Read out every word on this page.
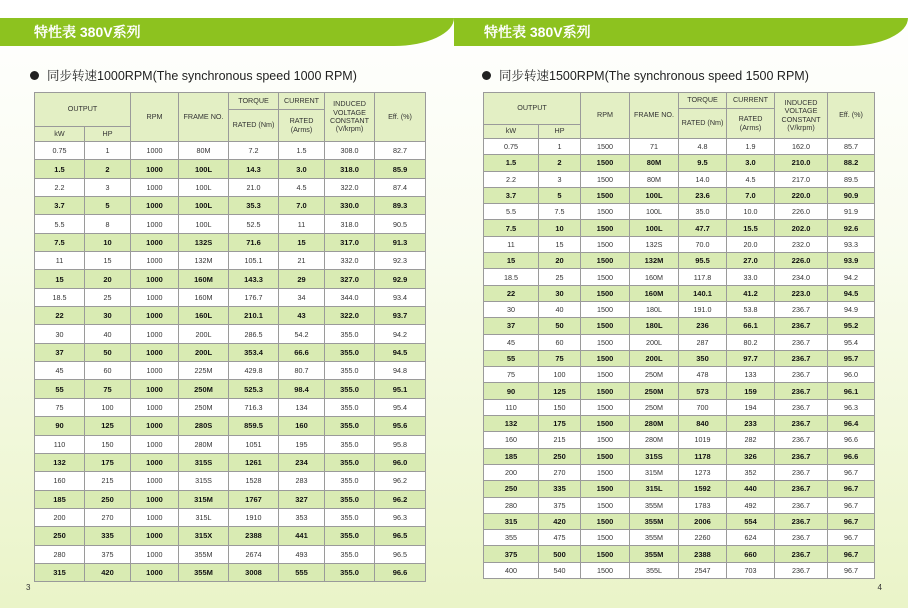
特性表 380V系列
同步转速1000RPM(The synchronous speed 1000 RPM)
OUTPUT		RPM	FRAME NO.	TORQUE	CURRENT	INDUCED VOLTAGE CONSTANT (V/krpm)	Eff. (%)
				RATED (Nm)	RATED (Arms)		
kW	HP						
0.75	1	1000	80M	7.2	1.5	308.0	82.7
1.5	2	1000	100L	14.3	3.0	318.0	85.9
2.2	3	1000	100L	21.0	4.5	322.0	87.4
3.7	5	1000	100L	35.3	7.0	330.0	89.3
5.5	8	1000	100L	52.5	11	318.0	90.5
7.5	10	1000	132S	71.6	15	317.0	91.3
11	15	1000	132M	105.1	21	332.0	92.3
15	20	1000	160M	143.3	29	327.0	92.9
18.5	25	1000	160M	176.7	34	344.0	93.4
22	30	1000	160L	210.1	43	322.0	93.7
30	40	1000	200L	286.5	54.2	355.0	94.2
37	50	1000	200L	353.4	66.6	355.0	94.5
45	60	1000	225M	429.8	80.7	355.0	94.8
55	75	1000	250M	525.3	98.4	355.0	95.1
75	100	1000	250M	716.3	134	355.0	95.4
90	125	1000	280S	859.5	160	355.0	95.6
110	150	1000	280M	1051	195	355.0	95.8
132	175	1000	315S	1261	234	355.0	96.0
160	215	1000	315S	1528	283	355.0	96.2
185	250	1000	315M	1767	327	355.0	96.2
200	270	1000	315L	1910	353	355.0	96.3
250	335	1000	315X	2388	441	355.0	96.5
280	375	1000	355M	2674	493	355.0	96.5
315	420	1000	355M	3008	555	355.0	96.6
3
特性表 380V系列
同步转速1500RPM(The synchronous speed 1500 RPM)
OUTPUT		RPM	FRAME NO.	TORQUE	CURRENT	INDUCED VOLTAGE CONSTANT (V/krpm)	Eff. (%)
				RATED (Nm)	RATED (Arms)		
kW	HP						
0.75	1	1500	71	4.8	1.9	162.0	85.7
1.5	2	1500	80M	9.5	3.0	210.0	88.2
2.2	3	1500	80M	14.0	4.5	217.0	89.5
3.7	5	1500	100L	23.6	7.0	220.0	90.9
5.5	7.5	1500	100L	35.0	10.0	226.0	91.9
7.5	10	1500	100L	47.7	15.5	202.0	92.6
11	15	1500	132S	70.0	20.0	232.0	93.3
15	20	1500	132M	95.5	27.0	226.0	93.9
18.5	25	1500	160M	117.8	33.0	234.0	94.2
22	30	1500	160M	140.1	41.2	223.0	94.5
30	40	1500	180L	191.0	53.8	236.7	94.9
37	50	1500	180L	236	66.1	236.7	95.2
45	60	1500	200L	287	80.2	236.7	95.4
55	75	1500	200L	350	97.7	236.7	95.7
75	100	1500	250M	478	133	236.7	96.0
90	125	1500	250M	573	159	236.7	96.1
110	150	1500	250M	700	194	236.7	96.3
132	175	1500	280M	840	233	236.7	96.4
160	215	1500	280M	1019	282	236.7	96.6
185	250	1500	315S	1178	326	236.7	96.6
200	270	1500	315M	1273	352	236.7	96.7
250	335	1500	315L	1592	440	236.7	96.7
280	375	1500	355M	1783	492	236.7	96.7
315	420	1500	355M	2006	554	236.7	96.7
355	475	1500	355M	2260	624	236.7	96.7
375	500	1500	355M	2388	660	236.7	96.7
400	540	1500	355L	2547	703	236.7	96.7
4
